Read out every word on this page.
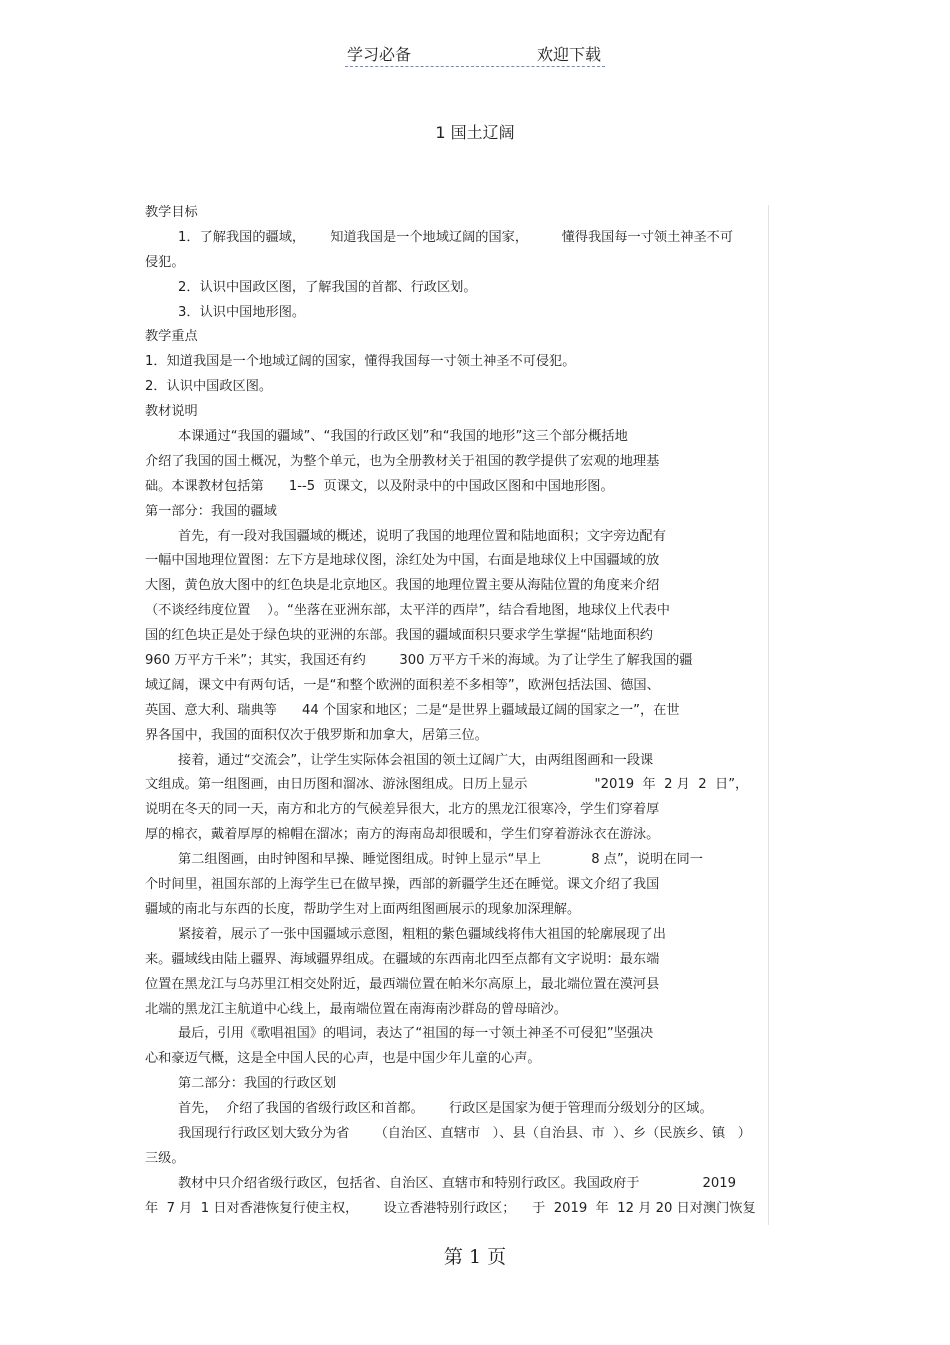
学习必备	欢迎下载
1 国土辽阔
教学目标
1．了解我国的疆域，      知道我国是一个地域辽阔的国家，        懂得我国每一寸领土神圣不可
侵犯。
2．认识中国政区图，了解我国的首都、行政区划。
3．认识中国地形图。
教学重点
1．知道我国是一个地域辽阔的国家，懂得我国每一寸领土神圣不可侵犯。
2．认识中国政区图。
教材说明
本课通过“我国的疆域”、“我国的行政区划”和“我国的地形”这三个部分概括地
介绍了我国的国土概况，为整个单元，也为全册教材关于祖国的教学提供了宏观的地理基
础。本课教材包括第      1--5  页课文，以及附录中的中国政区图和中国地形图。
第一部分：我国的疆域
首先，有一段对我国疆域的概述，说明了我国的地理位置和陆地面积；文字旁边配有
一幅中国地理位置图：左下方是地球仪图，涂红处为中国，右面是地球仪上中国疆域的放
大图，黄色放大图中的红色块是北京地区。我国的地理位置主要从海陆位置的角度来介绍
（不谈经纬度位置    ）。“坐落在亚洲东部，太平洋的西岸”，结合看地图，地球仪上代表中
国的红色块正是处于绿色块的亚洲的东部。我国的疆域面积只要求学生掌握“陆地面积约
960 万平方千米”；其实，我国还有约        300 万平方千米的海域。为了让学生了解我国的疆
域辽阔，课文中有两句话，一是“和整个欧洲的面积差不多相等”，欧洲包括法国、德国、
英国、意大利、瑞典等      44 个国家和地区；二是“是世界上疆域最辽阔的国家之一”，在世
界各国中，我国的面积仅次于俄罗斯和加拿大，居第三位。
接着，通过“交流会”，让学生实际体会祖国的领土辽阔广大，由两组图画和一段课
文组成。第一组图画，由日历图和溜冰、游泳图组成。日历上显示                "2019  年  2 月  2  日”，
说明在冬天的同一天，南方和北方的气候差异很大，北方的黑龙江很寒冷，学生们穿着厚
厚的棉衣，戴着厚厚的棉帽在溜冰；南方的海南岛却很暖和，学生们穿着游泳衣在游泳。
第二组图画，由时钟图和早操、睡觉图组成。时钟上显示“早上            8 点”，说明在同一
个时间里，祖国东部的上海学生已在做早操，西部的新疆学生还在睡觉。课文介绍了我国
疆域的南北与东西的长度，帮助学生对上面两组图画展示的现象加深理解。
紧接着，展示了一张中国疆域示意图，粗粗的紫色疆域线将伟大祖国的轮廓展现了出
来。疆域线由陆上疆界、海域疆界组成。在疆域的东西南北四至点都有文字说明：最东端
位置在黑龙江与乌苏里江相交处附近，最西端位置在帕米尔高原上，最北端位置在漠河县
北端的黑龙江主航道中心线上，最南端位置在南海南沙群岛的曾母暗沙。
最后，引用《歌唱祖国》的唱词，表达了“祖国的每一寸领土神圣不可侵犯”坚强决
心和豪迈气概，这是全中国人民的心声，也是中国少年儿童的心声。
第二部分：我国的行政区划
首先，  介绍了我国的省级行政区和首都。      行政区是国家为便于管理而分级划分的区域。
我国现行行政区划大致分为省      （自治区、直辖市   ）、县（自治县、市  ）、乡（民族乡、镇   ）
三级。
教材中只介绍省级行政区，包括省、自治区、直辖市和特别行政区。我国政府于               2019
年  7 月  1 日对香港恢复行使主权，      设立香港特别行政区；    于  2019  年  12 月 20 日对澳门恢复
第 1 页
